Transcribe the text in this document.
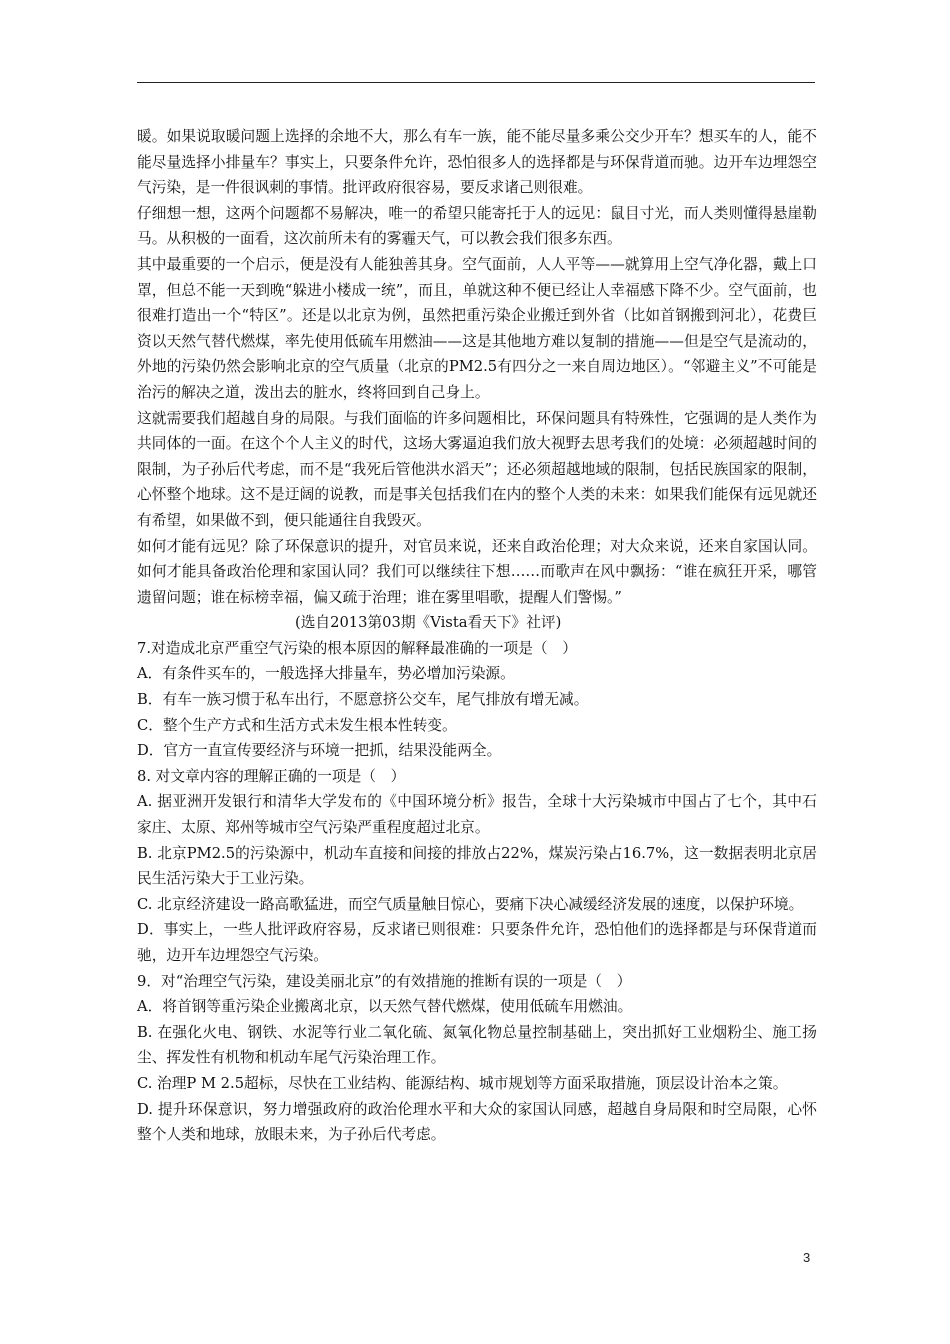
暖。如果说取暖问题上选择的余地不大，那么有车一族，能不能尽量多乘公交少开车？想买车的人，能不能尽量选择小排量车？事实上，只要条件允许，恐怕很多人的选择都是与环保背道而驰。边开车边埋怨空气污染，是一件很讽刺的事情。批评政府很容易，要反求诸己则很难。

仔细想一想，这两个问题都不易解决，唯一的希望只能寄托于人的远见：鼠目寸光，而人类则懂得悬崖勒马。从积极的一面看，这次前所未有的雾霾天气，可以教会我们很多东西。

其中最重要的一个启示，便是没有人能独善其身。空气面前，人人平等——就算用上空气净化器，戴上口罩，但总不能一天到晚“躲进小楼成一统”，而且，单就这种不便已经让人幸福感下降不少。空气面前，也很难打造出一个“特区”。还是以北京为例，虽然把重污染企业搬迁到外省（比如首钢搬到河北），花费巨资以天然气替代燃煤，率先使用低硫车用燃油——这是其他地方难以复制的措施——但是空气是流动的，外地的污染仍然会影响北京的空气质量（北京的PM2.5有四分之一来自周边地区）。“邻避主义”不可能是治污的解决之道，泼出去的脏水，终将回到自己身上。

这就需要我们超越自身的局限。与我们面临的许多问题相比，环保问题具有特殊性，它强调的是人类作为共同体的一面。在这个个人主义的时代，这场大雾逼迫我们放大视野去思考我们的处境：必须超越时间的限制，为子孙后代考虑，而不是“我死后管他洪水滔天”；还必须超越地域的限制，包括民族国家的限制，心怀整个地球。这不是迂阔的说教，而是事关包括我们在内的整个人类的未来：如果我们能保有远见就还有希望，如果做不到，便只能通往自我毁灭。

如何才能有远见？除了环保意识的提升，对官员来说，还来自政治伦理；对大众来说，还来自家国认同。如何才能具备政治伦理和家国认同？我们可以继续往下想……而歌声在风中飘扬：“谁在疯狂开采，哪管遗留问题；谁在标榜幸福，偏又疏于治理；谁在雾里唱歌，提醒人们警惕。”

(选自2013第03期《Vista看天下》社评)

7.对造成北京严重空气污染的根本原因的解释最准确的一项是（　）

A．有条件买车的，一般选择大排量车，势必增加污染源。

B．有车一族习惯于私车出行，不愿意挤公交车，尾气排放有增无减。

C．整个生产方式和生活方式未发生根本性转变。

D．官方一直宣传要经济与环境一把抓，结果没能两全。

8. 对文章内容的理解正确的一项是（　）

A. 据亚洲开发银行和清华大学发布的《中国环境分析》报告，全球十大污染城市中国占了七个，其中石家庄、太原、郑州等城市空气污染严重程度超过北京。

B. 北京PM2.5的污染源中，机动车直接和间接的排放占22%，煤炭污染占16.7%，这一数据表明北京居民生活污染大于工业污染。

C. 北京经济建设一路高歌猛进，而空气质量触目惊心，要痛下决心减缓经济发展的速度，以保护环境。

D．事实上，一些人批评政府容易，反求诸已则很难：只要条件允许，恐怕他们的选择都是与环保背道而驰，边开车边埋怨空气污染。

9．对“治理空气污染，建设美丽北京”的有效措施的推断有误的一项是（　）

A．将首钢等重污染企业搬离北京，以天然气替代燃煤，使用低硫车用燃油。

B. 在强化火电、钢铁、水泥等行业二氧化硫、氮氧化物总量控制基础上，突出抓好工业烟粉尘、施工扬尘、挥发性有机物和机动车尾气污染治理工作。

C. 治理P M 2.5超标，尽快在工业结构、能源结构、城市规划等方面采取措施，顶层设计治本之策。

D. 提升环保意识，努力增强政府的政治伦理水平和大众的家国认同感，超越自身局限和时空局限，心怀整个人类和地球，放眼未来，为子孙后代考虑。

3
